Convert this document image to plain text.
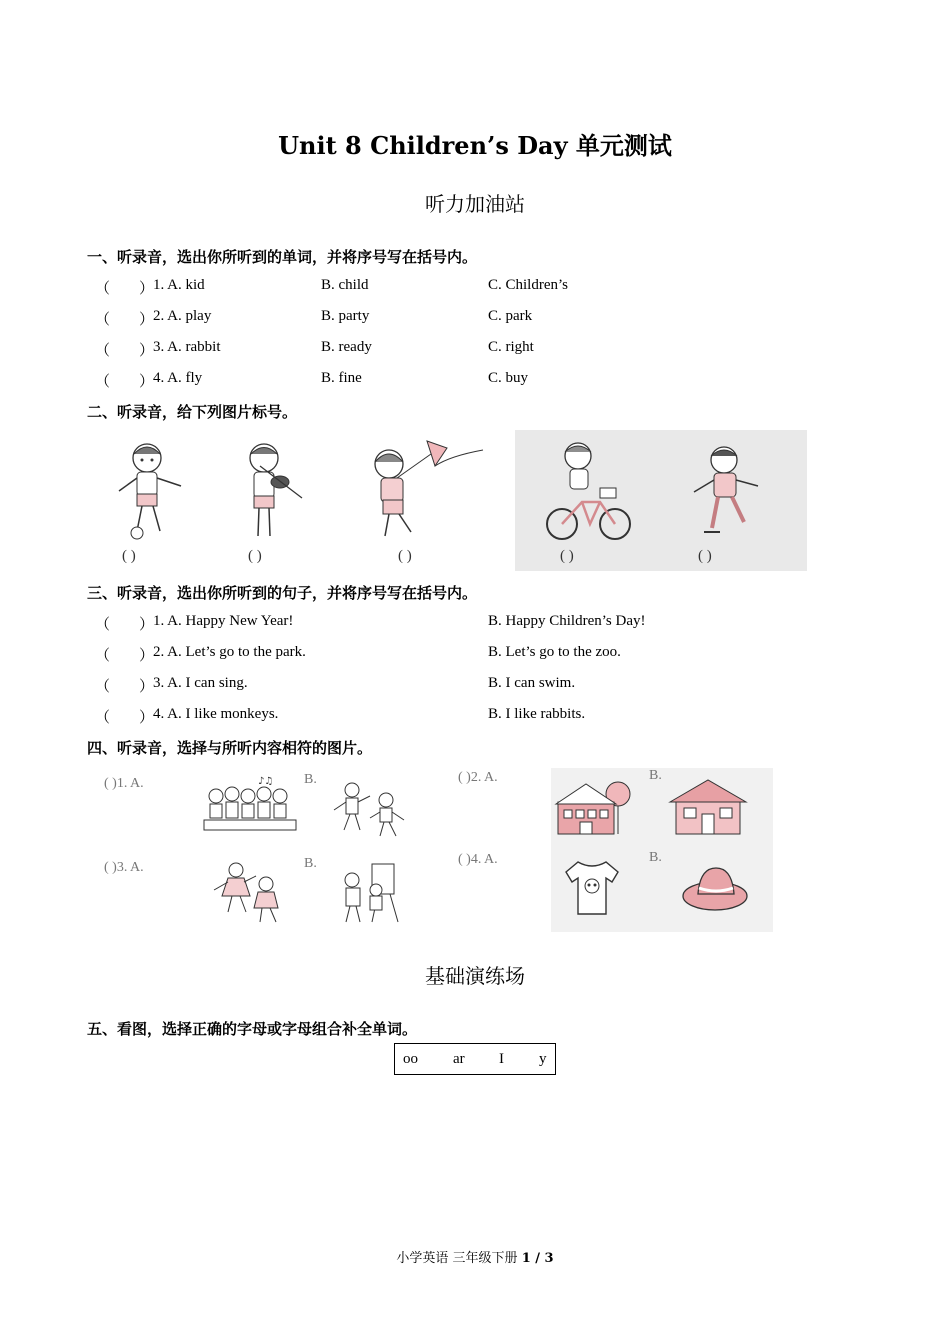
Unit 8 Children’s Day 单元测试
听力加油站
一、听录音，选出你所听到的单词，并将序号写在括号内。
（ ）
1. A. kid	B. child	C. Children’s
（ ）
2. A. play	B. party	C. park
（ ）
3. A. rabbit	B. ready	C. right
（ ）
4. A. fly	B. fine	C. buy
二、听录音，给下列图片标号。
( )	( )	( )	( )	( )
三、听录音，选出你所听到的句子，并将序号写在括号内。
（ ）
1. A. Happy New Year!	B. Happy Children’s Day!
（ ）
2. A. Let’s go to the park.	B. Let’s go to the zoo.
（ ）
3. A. I can sing.	B. I can swim.
（ ）
4. A. I like monkeys.	B. I like rabbits.
四、听录音，选择与所听内容相符的图片。
( )1. A.	B.	( )2. A.	B.
( )3. A.	B.	( )4. A.	B.
♪♫
基础演练场
五、看图，选择正确的字母或字母组合补全单词。
oo ar I y
小学英语 三年级下册 1 / 3
